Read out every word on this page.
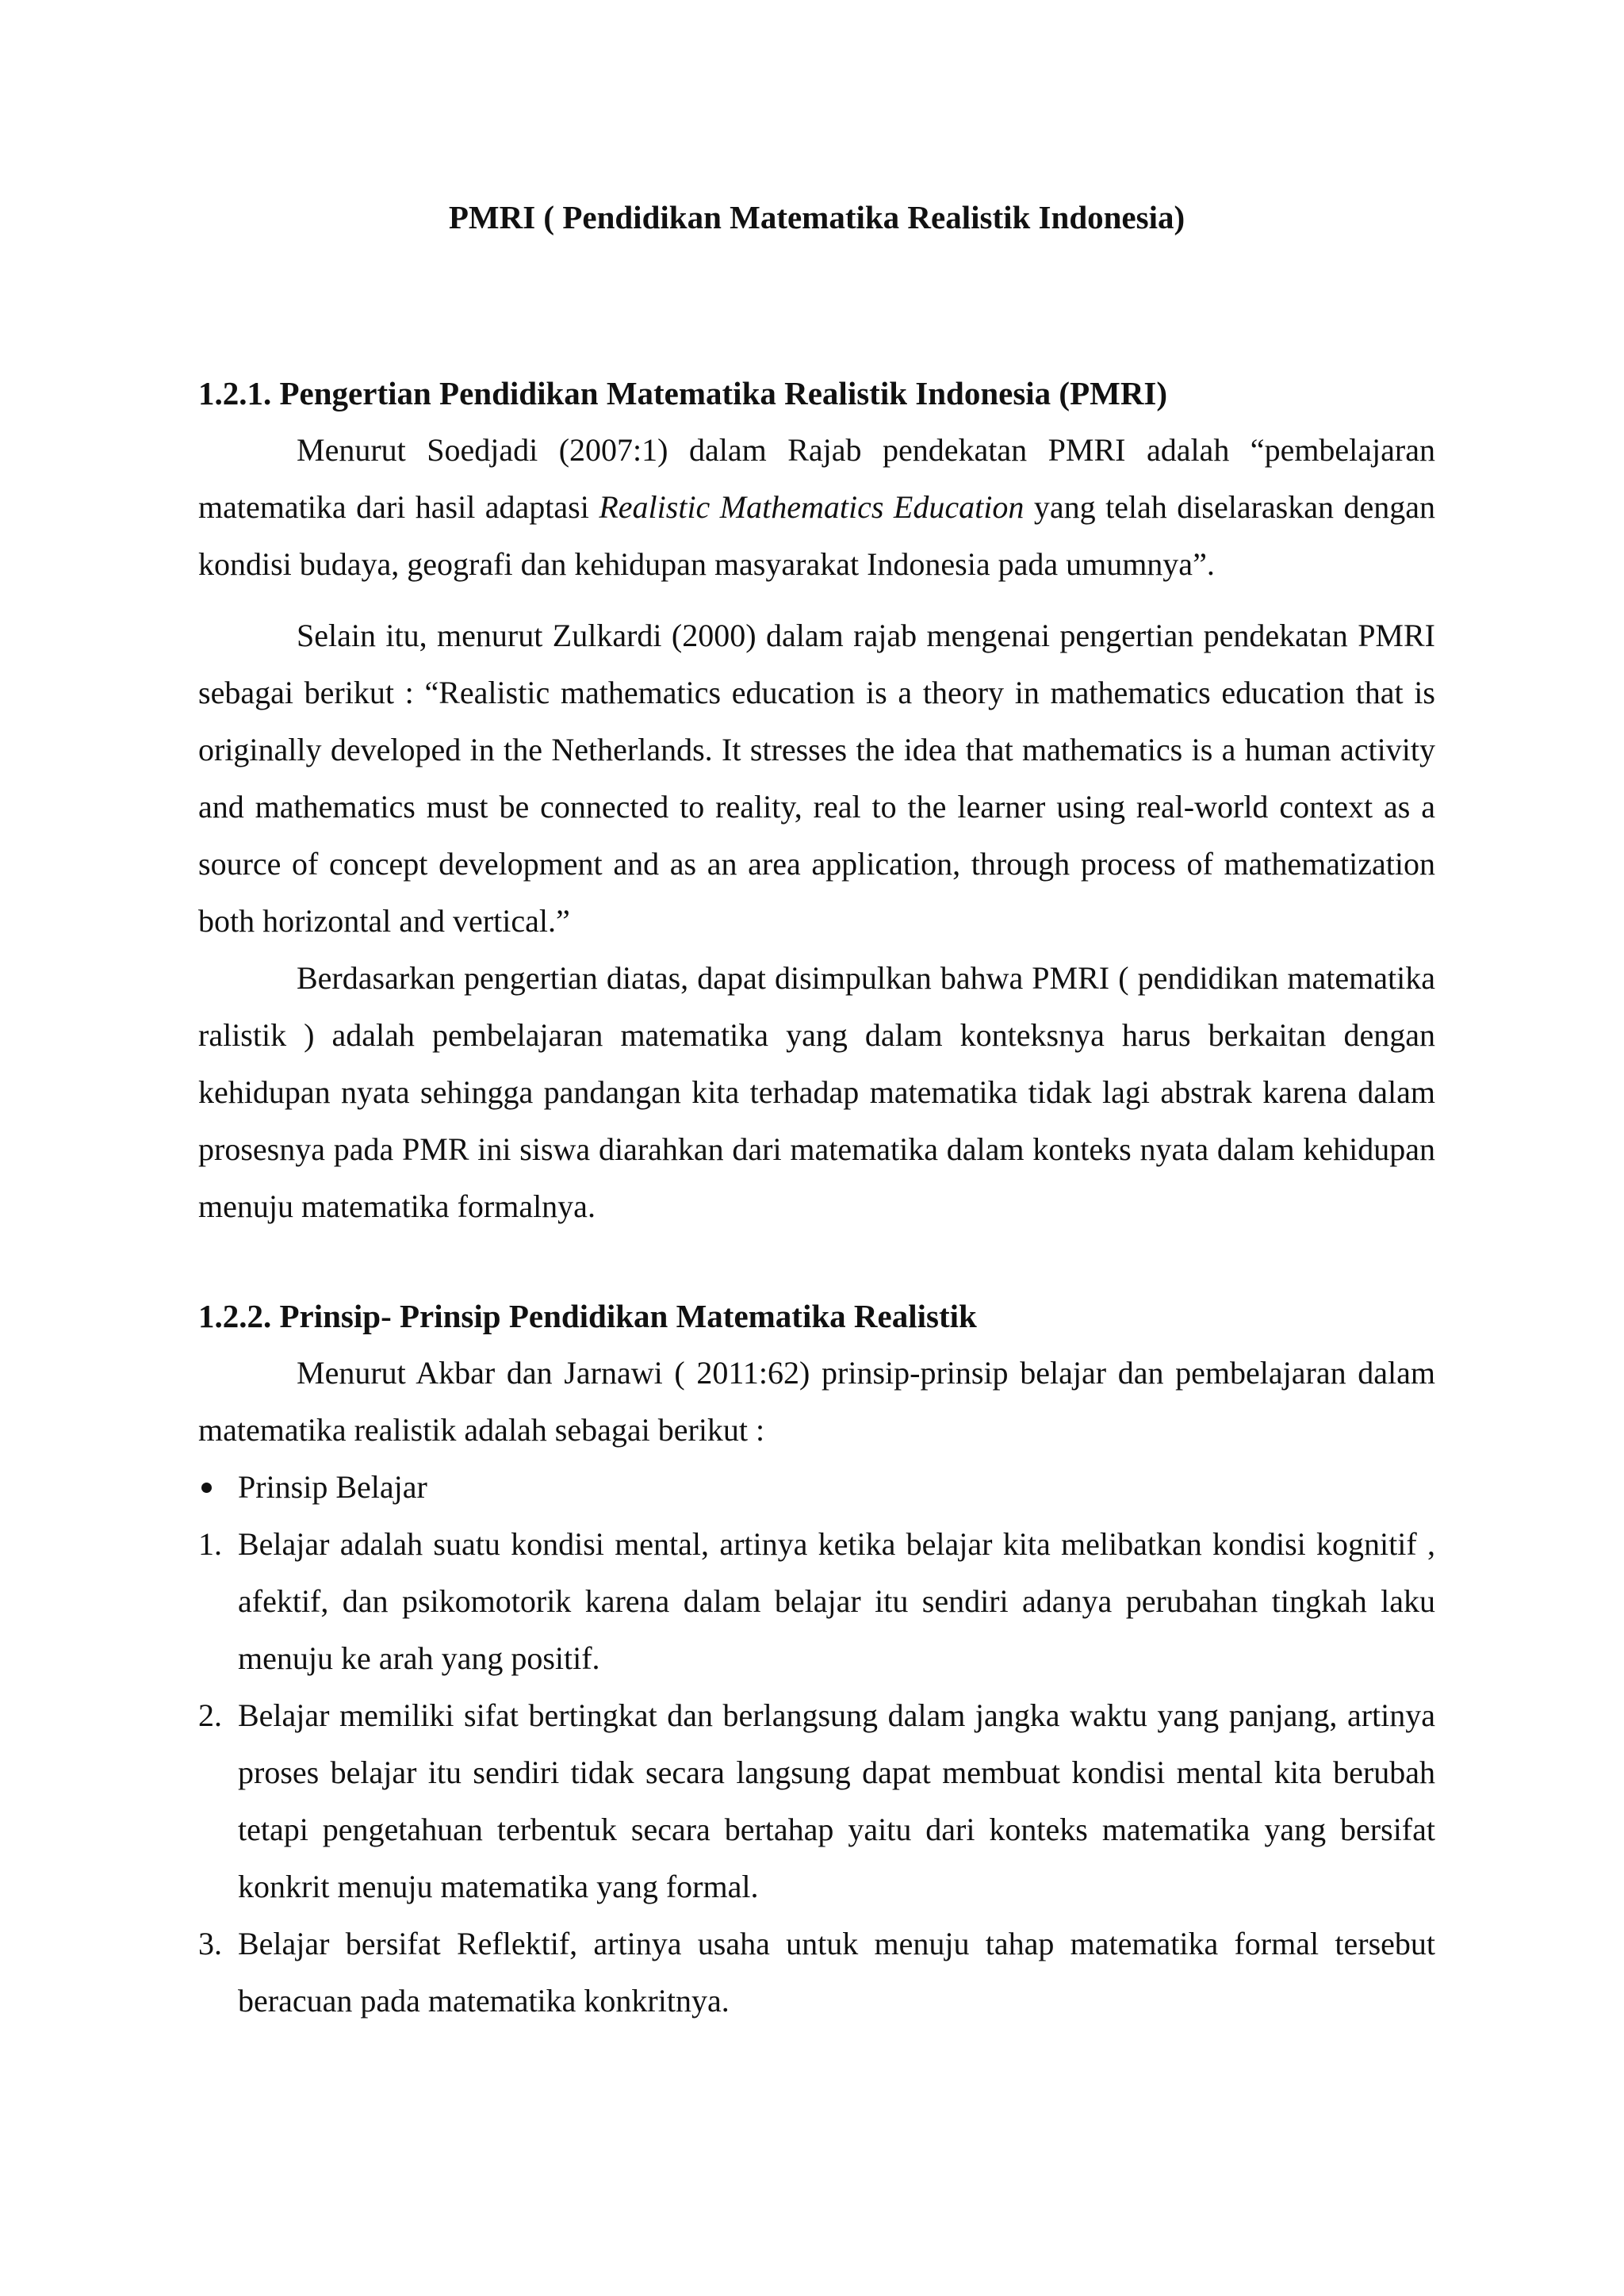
PMRI ( Pendidikan Matematika Realistik Indonesia)

1.2.1. Pengertian Pendidikan Matematika Realistik Indonesia (PMRI)

Menurut Soedjadi (2007:1) dalam Rajab pendekatan PMRI adalah “pembelajaran matematika dari hasil adaptasi Realistic Mathematics Education yang telah diselaraskan dengan kondisi budaya, geografi dan kehidupan masyarakat Indonesia pada umumnya”.

Selain itu, menurut Zulkardi (2000) dalam rajab mengenai pengertian pendekatan PMRI sebagai berikut : “Realistic mathematics education is a theory in mathematics education that is originally developed in the Netherlands. It stresses the idea that mathematics is a human activity and mathematics must be connected to reality, real to the learner using real-world context as a source of concept development and as an area application, through process of mathematization both horizontal and vertical.”

Berdasarkan pengertian diatas, dapat disimpulkan bahwa PMRI ( pendidikan matematika ralistik ) adalah pembelajaran matematika yang dalam konteksnya harus berkaitan dengan kehidupan nyata sehingga pandangan kita terhadap matematika tidak lagi abstrak karena dalam prosesnya pada PMR ini siswa diarahkan dari matematika dalam konteks nyata dalam kehidupan menuju matematika formalnya.

1.2.2. Prinsip- Prinsip Pendidikan Matematika Realistik

Menurut Akbar dan Jarnawi ( 2011:62) prinsip-prinsip belajar dan pembelajaran dalam matematika realistik adalah sebagai berikut :

Prinsip Belajar
1. Belajar adalah suatu kondisi mental, artinya ketika belajar kita melibatkan kondisi kognitif , afektif, dan psikomotorik karena dalam belajar itu sendiri adanya perubahan tingkah laku menuju ke arah yang positif.
2. Belajar memiliki sifat bertingkat dan berlangsung dalam jangka waktu yang panjang, artinya proses belajar itu sendiri tidak secara langsung dapat membuat kondisi mental kita berubah tetapi pengetahuan terbentuk secara bertahap yaitu dari konteks matematika yang bersifat konkrit menuju matematika yang formal.
3. Belajar bersifat Reflektif, artinya usaha untuk menuju tahap matematika formal tersebut beracuan pada matematika konkritnya.
